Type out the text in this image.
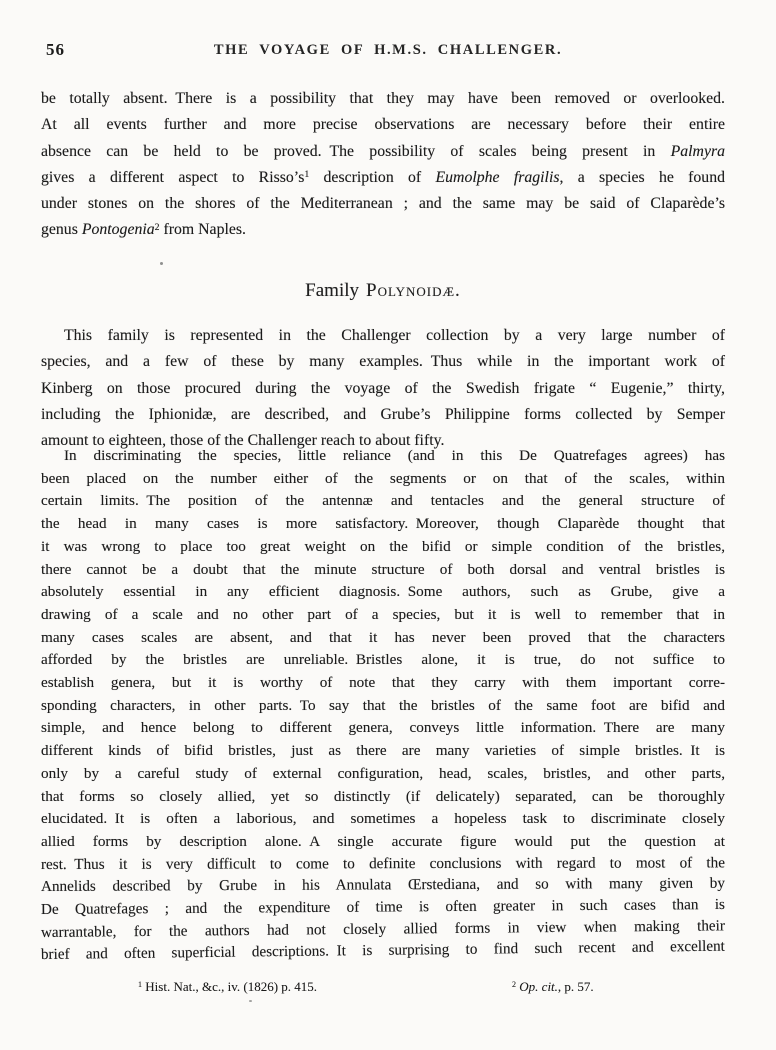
56	THE VOYAGE OF H.M.S. CHALLENGER.
be totally absent. There is a possibility that they may have been removed or overlooked.
At all events further and more precise observations are necessary before their entire
absence can be held to be proved. The possibility of scales being present in Palmyra
gives a different aspect to $Risso’s^1$ description of Eumolphe fragilis, a species he found
under stones on the shores of the Mediterranean ; and the same may be said of Claparède’s
genus Pontogenia$^2$ from Naples.
Family Polynoidæ.
This family is represented in the Challenger collection by a very large number of
species, and a few of these by many examples. Thus while in the important work of
Kinberg on those procured during the voyage of the Swedish frigate “ Eugenie,” thirty,
including the Iphionidæ, are described, and Grube’s Philippine forms collected by Semper
amount to eighteen, those of the Challenger reach to about fifty.
In discriminating the species, little reliance (and in this De Quatrefages agrees) has
been placed on the number either of the segments or on that of the scales, within
certain limits. The position of the antennæ and tentacles and the general structure of
the head in many cases is more satisfactory. Moreover, though Claparède thought that
it was wrong to place too great weight on the bifid or simple condition of the bristles,
there cannot be a doubt that the minute structure of both dorsal and ventral bristles is
absolutely essential in any efficient diagnosis. Some authors, such as Grube, give a
drawing of a scale and no other part of a species, but it is well to remember that in
many cases scales are absent, and that it has never been proved that the characters
afforded by the bristles are unreliable. Bristles alone, it is true, do not suffice to
establish genera, but it is worthy of note that they carry with them important corre-
sponding characters, in other parts. To say that the bristles of the same foot are bifid and
simple, and hence belong to different genera, conveys little information. There are many
different kinds of bifid bristles, just as there are many varieties of simple bristles. It is
only by a careful study of external configuration, head, scales, bristles, and other parts,
that forms so closely allied, yet so distinctly (if delicately) separated, can be thoroughly
elucidated. It is often a laborious, and sometimes a hopeless task to discriminate closely
allied forms by description alone. A single accurate figure would put the question at
rest. Thus it is very difficult to come to definite conclusions with regard to most of the
Annelids described by Grube in his Annulata Œrstediana, and so with many given by
De Quatrefages ; and the expenditure of time is often greater in such cases than is
warrantable, for the authors had not closely allied forms in view when making their
brief and often superficial descriptions. It is surprising to find such recent and excellent
$^1$ Hist. Nat., &c., iv. (1826) p. 415.	$^2$ Op. cit., p. 57.
